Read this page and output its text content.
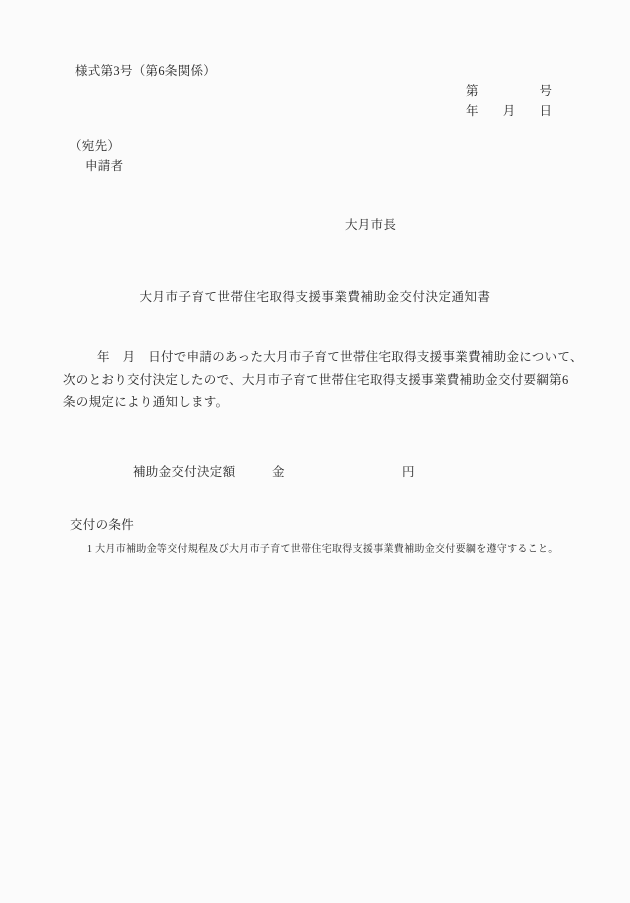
様式第3号（第6条関係）
第	号
年 月 日
（宛先）
申請者
大月市長
大月市子育て世帯住宅取得支援事業費補助金交付決定通知書
年　月　日付で申請のあった大月市子育て世帯住宅取得支援事業費補助金について、
次のとおり交付決定したので、大月市子育て世帯住宅取得支援事業費補助金交付要綱第6
条の規定により通知します。

補助金交付決定額

	金

	円

交付の条件
1 大月市補助金等交付規程及び大月市子育て世帯住宅取得支援事業費補助金交付要綱を遵守すること。
